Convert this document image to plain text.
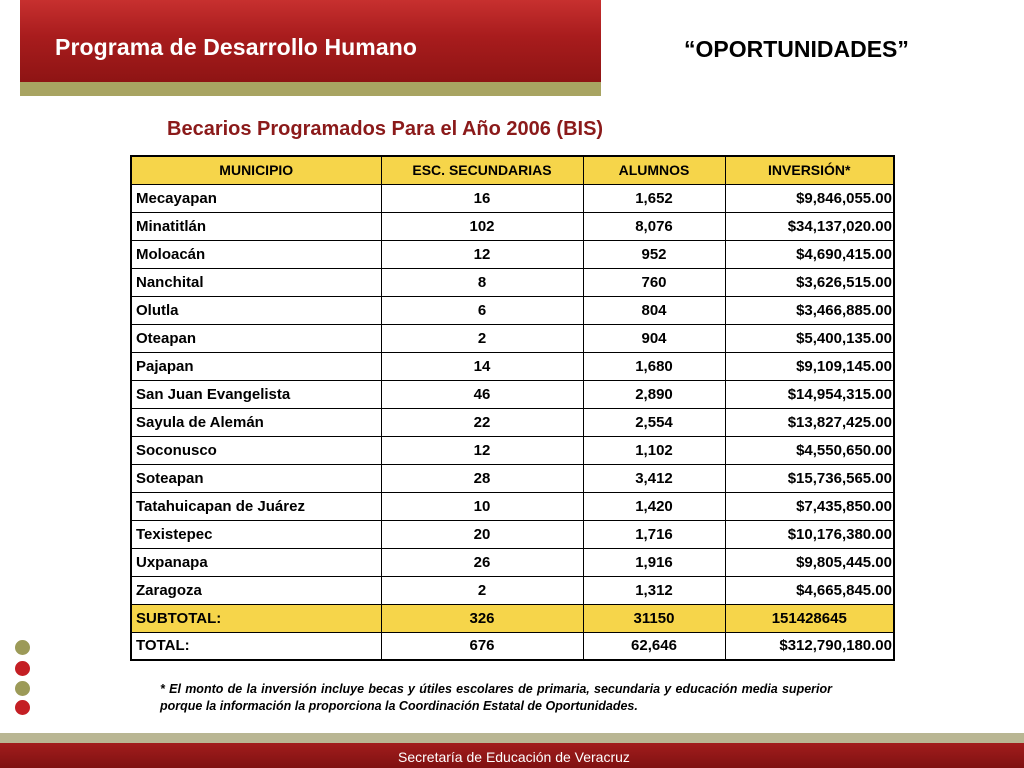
Programa de Desarrollo Humano	“OPORTUNIDADES”
Becarios Programados Para el Año 2006 (BIS)
MUNICIPIO	ESC. SECUNDARIAS	ALUMNOS	INVERSIÓN*
Mecayapan	16	1,652	$9,846,055.00
Minatitlán	102	8,076	$34,137,020.00
Moloacán	12	952	$4,690,415.00
Nanchital	8	760	$3,626,515.00
Olutla	6	804	$3,466,885.00
Oteapan	2	904	$5,400,135.00
Pajapan	14	1,680	$9,109,145.00
San Juan Evangelista	46	2,890	$14,954,315.00
Sayula de Alemán	22	2,554	$13,827,425.00
Soconusco	12	1,102	$4,550,650.00
Soteapan	28	3,412	$15,736,565.00
Tatahuicapan de Juárez	10	1,420	$7,435,850.00
Texistepec	20	1,716	$10,176,380.00
Uxpanapa	26	1,916	$9,805,445.00
Zaragoza	2	1,312	$4,665,845.00
SUBTOTAL:	326	31150	151428645
TOTAL:	676	62,646	$312,790,180.00
* El monto de la inversión incluye becas y útiles escolares de primaria, secundaria y educación media superior porque la información la proporciona la Coordinación Estatal de Oportunidades.
Secretaría de Educación de Veracruz
